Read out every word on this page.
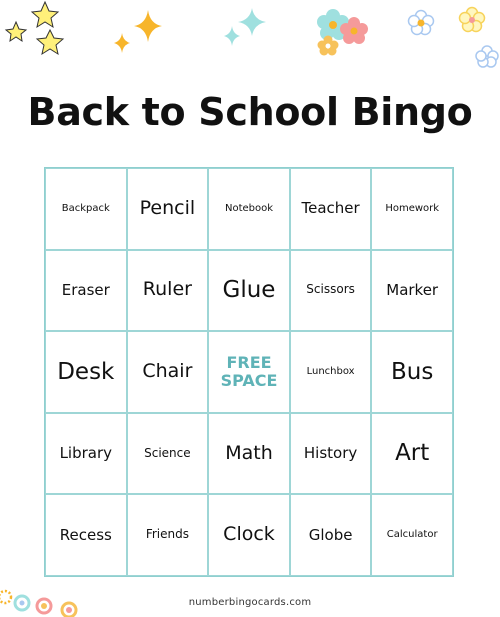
Back to School Bingo
Backpack	Pencil	Notebook	Teacher	Homework
Eraser	Ruler	Glue	Scissors	Marker
Desk	Chair	FREE SPACE	Lunchbox	Bus
Library	Science	Math	History	Art
Recess	Friends	Clock	Globe	Calculator
numberbingocards.com
